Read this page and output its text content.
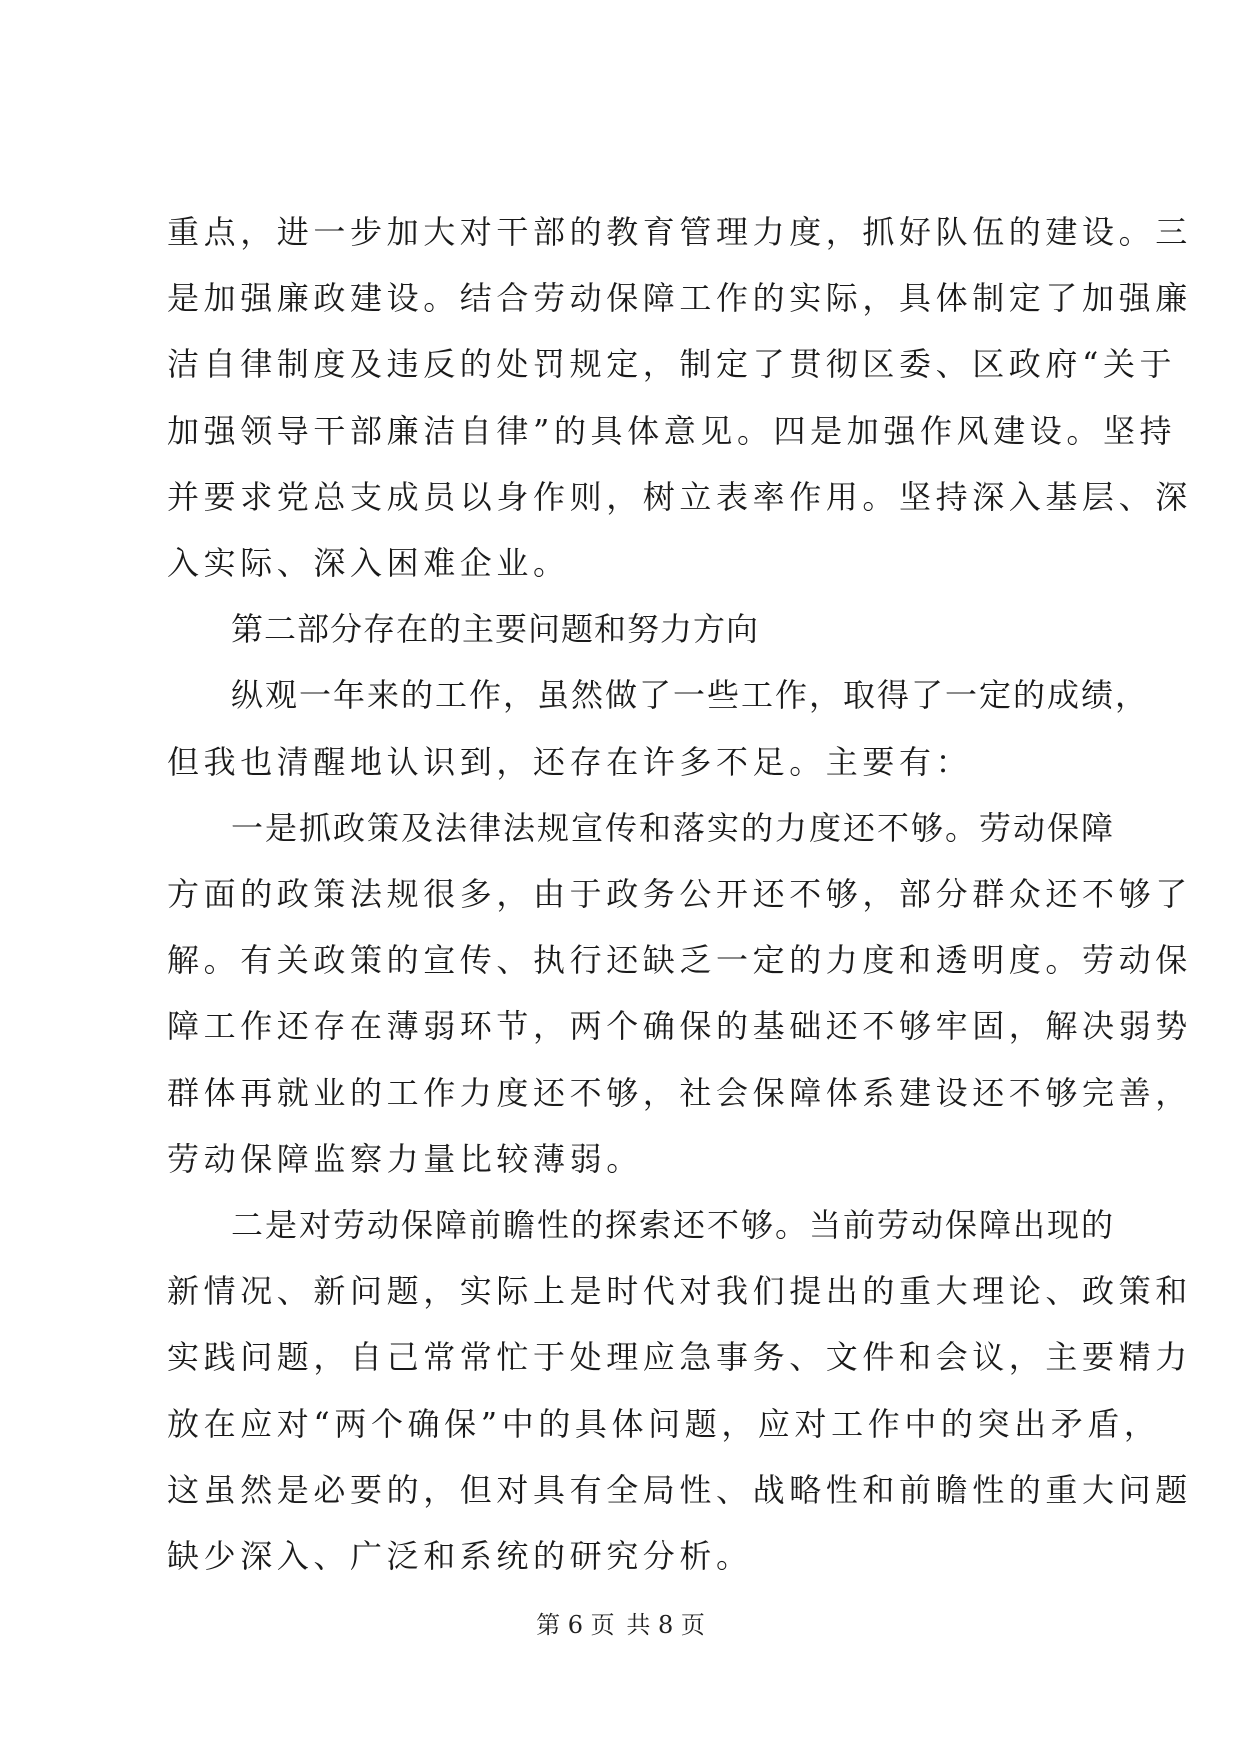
重点，进一步加大对干部的教育管理力度，抓好队伍的建设。三
是加强廉政建设。结合劳动保障工作的实际，具体制定了加强廉
洁自律制度及违反的处罚规定，制定了贯彻区委、区政府“关于
加强领导干部廉洁自律”的具体意见。四是加强作风建设。坚持
并要求党总支成员以身作则，树立表率作用。坚持深入基层、深
入实际、深入困难企业。
第二部分存在的主要问题和努力方向
纵观一年来的工作，虽然做了一些工作，取得了一定的成绩，
但我也清醒地认识到，还存在许多不足。主要有：
一是抓政策及法律法规宣传和落实的力度还不够。劳动保障
方面的政策法规很多，由于政务公开还不够，部分群众还不够了
解。有关政策的宣传、执行还缺乏一定的力度和透明度。劳动保
障工作还存在薄弱环节，两个确保的基础还不够牢固，解决弱势
群体再就业的工作力度还不够，社会保障体系建设还不够完善，
劳动保障监察力量比较薄弱。
二是对劳动保障前瞻性的探索还不够。当前劳动保障出现的
新情况、新问题，实际上是时代对我们提出的重大理论、政策和
实践问题，自己常常忙于处理应急事务、文件和会议，主要精力
放在应对“两个确保”中的具体问题，应对工作中的突出矛盾，
这虽然是必要的，但对具有全局性、战略性和前瞻性的重大问题
第 6 页 共 8 页
缺少深入、广泛和系统的研究分析。
